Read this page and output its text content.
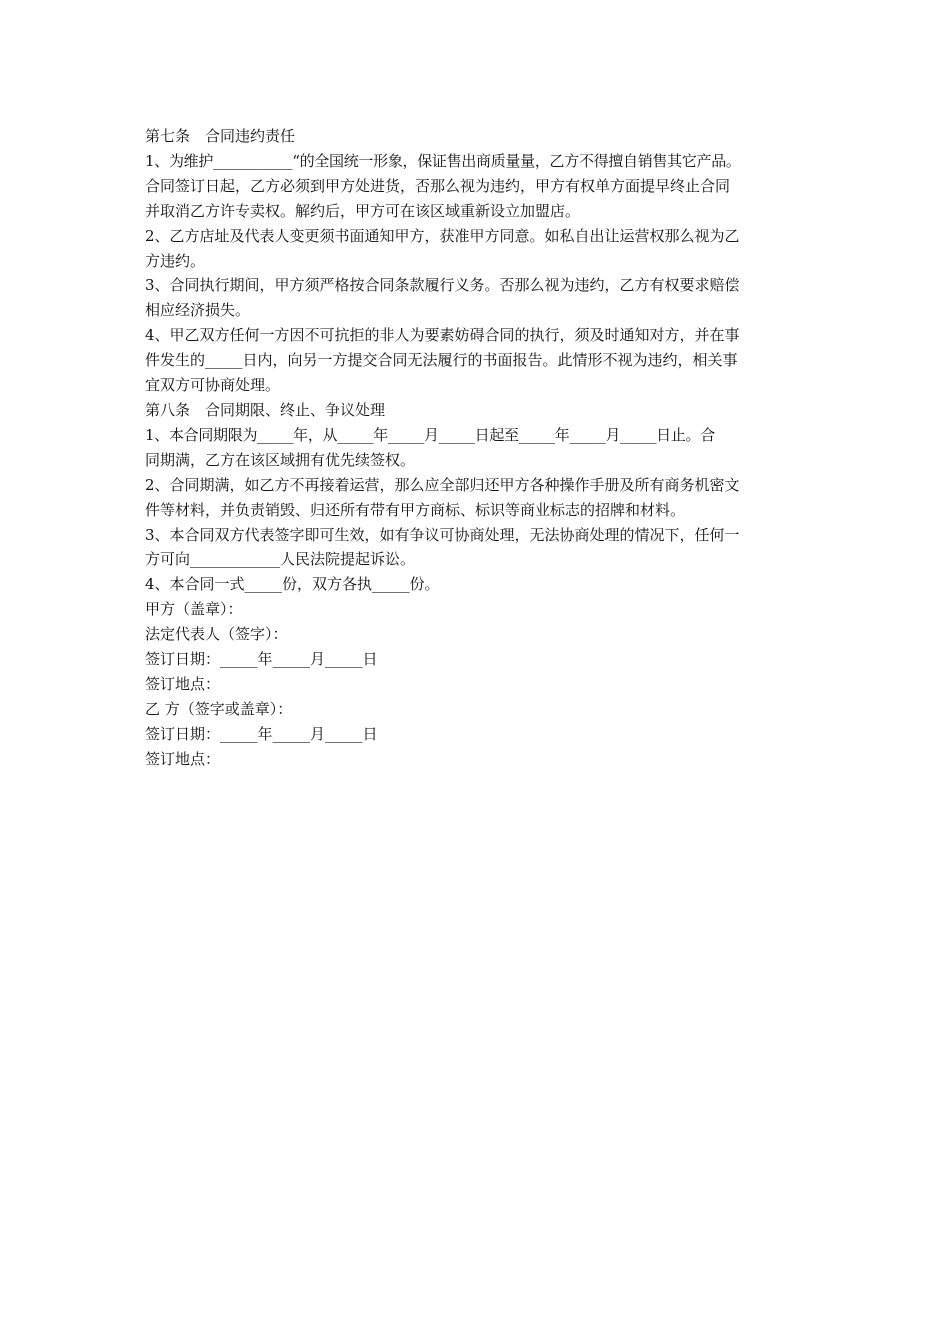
第七条　合同违约责任
1、为维护___________“的全国统一形象，保证售出商质量量，乙方不得擅自销售其它产品。
合同签订日起，乙方必须到甲方处进货，否那么视为违约，甲方有权单方面提早终止合同
并取消乙方许专卖权。解约后，甲方可在该区域重新设立加盟店。
2、乙方店址及代表人变更须书面通知甲方，获准甲方同意。如私自出让运营权那么视为乙
方违约。
3、合同执行期间，甲方须严格按合同条款履行义务。否那么视为违约，乙方有权要求赔偿
相应经济损失。
4、甲乙双方任何一方因不可抗拒的非人为要素妨碍合同的执行，须及时通知对方，并在事
件发生的_____日内，向另一方提交合同无法履行的书面报告。此情形不视为违约，相关事
宜双方可协商处理。
第八条　合同期限、终止、争议处理
1、本合同期限为_____年，从_____年_____月_____日起至_____年_____月_____日止。合
同期满，乙方在该区域拥有优先续签权。
2、合同期满，如乙方不再接着运营，那么应全部归还甲方各种操作手册及所有商务机密文
件等材料，并负责销毁、归还所有带有甲方商标、标识等商业标志的招牌和材料。
3、本合同双方代表签字即可生效，如有争议可协商处理，无法协商处理的情况下，任何一
方可向____________人民法院提起诉讼。
4、本合同一式_____份，双方各执_____份。
甲方（盖章）：
法定代表人（签字）：
签订日期：_____年_____月_____日
签订地点：
乙 方（签字或盖章）：
签订日期：_____年_____月_____日
签订地点：
